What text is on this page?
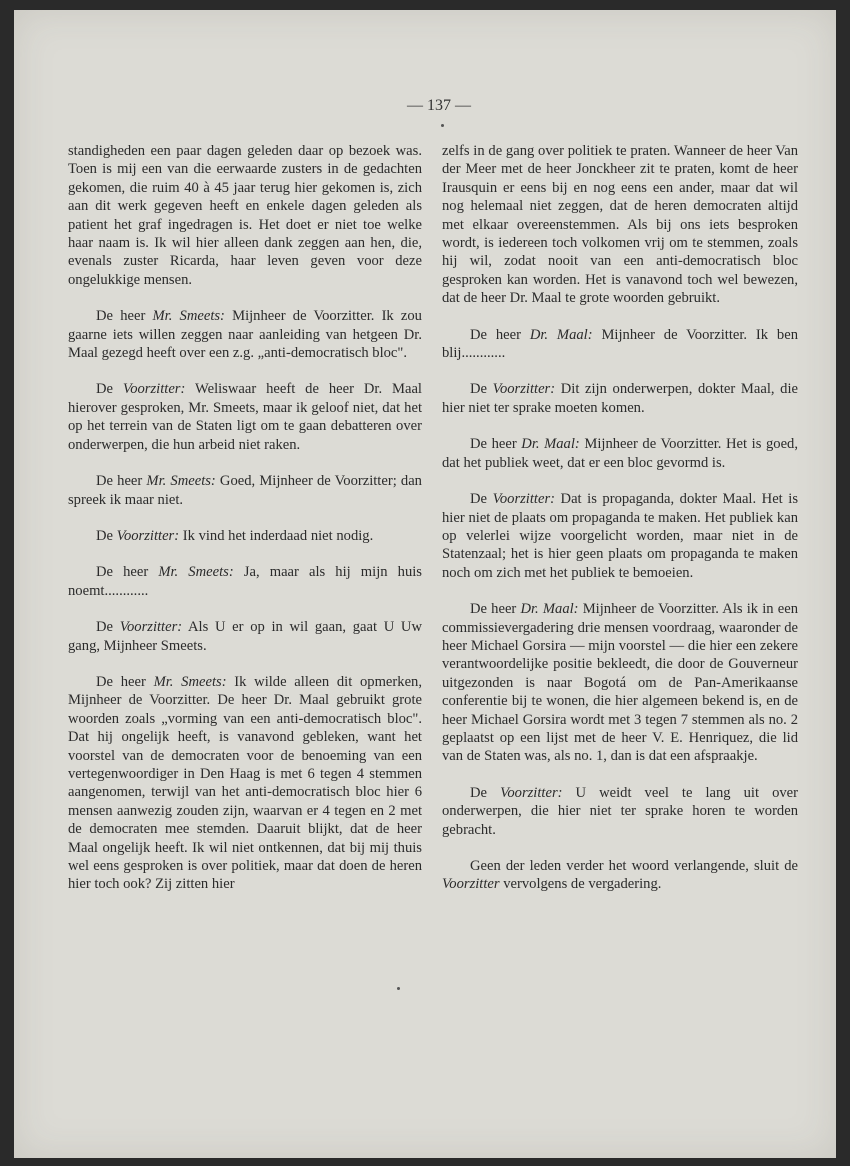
— 137 —

standigheden een paar dagen geleden daar op bezoek was. Toen is mij een van die eerwaarde zusters in de gedachten gekomen, die ruim 40 à 45 jaar terug hier gekomen is, zich aan dit werk gegeven heeft en enkele dagen geleden als patient het graf ingedragen is. Het doet er niet toe welke haar naam is. Ik wil hier alleen dank zeggen aan hen, die, evenals zuster Ricarda, haar leven geven voor deze ongelukkige mensen.

De heer Mr. Smeets: Mijnheer de Voorzitter. Ik zou gaarne iets willen zeggen naar aanleiding van hetgeen Dr. Maal gezegd heeft over een z.g. „anti-democratisch bloc".

De Voorzitter: Weliswaar heeft de heer Dr. Maal hierover gesproken, Mr. Smeets, maar ik geloof niet, dat het op het terrein van de Staten ligt om te gaan debatteren over onderwerpen, die hun arbeid niet raken.

De heer Mr. Smeets: Goed, Mijnheer de Voorzitter; dan spreek ik maar niet.

De Voorzitter: Ik vind het inderdaad niet nodig.

De heer Mr. Smeets: Ja, maar als hij mijn huis noemt............

De Voorzitter: Als U er op in wil gaan, gaat U Uw gang, Mijnheer Smeets.

De heer Mr. Smeets: Ik wilde alleen dit opmerken, Mijnheer de Voorzitter. De heer Dr. Maal gebruikt grote woorden zoals „vorming van een anti-democratisch bloc". Dat hij ongelijk heeft, is vanavond gebleken, want het voorstel van de democraten voor de benoeming van een vertegenwoordiger in Den Haag is met 6 tegen 4 stemmen aangenomen, terwijl van het anti-democratisch bloc hier 6 mensen aanwezig zouden zijn, waarvan er 4 tegen en 2 met de democraten mee stemden. Daaruit blijkt, dat de heer Maal ongelijk heeft. Ik wil niet ontkennen, dat bij mij thuis wel eens gesproken is over politiek, maar dat doen de heren hier toch ook? Zij zitten hier

zelfs in de gang over politiek te praten. Wanneer de heer Van der Meer met de heer Jonckheer zit te praten, komt de heer Irausquin er eens bij en nog eens een ander, maar dat wil nog helemaal niet zeggen, dat de heren democraten altijd met elkaar overeenstemmen. Als bij ons iets besproken wordt, is iedereen toch volkomen vrij om te stemmen, zoals hij wil, zodat nooit van een anti-democratisch bloc gesproken kan worden. Het is vanavond toch wel bewezen, dat de heer Dr. Maal te grote woorden gebruikt.

De heer Dr. Maal: Mijnheer de Voorzitter. Ik ben blij............

De Voorzitter: Dit zijn onderwerpen, dokter Maal, die hier niet ter sprake moeten komen.

De heer Dr. Maal: Mijnheer de Voorzitter. Het is goed, dat het publiek weet, dat er een bloc gevormd is.

De Voorzitter: Dat is propaganda, dokter Maal. Het is hier niet de plaats om propaganda te maken. Het publiek kan op velerlei wijze voorgelicht worden, maar niet in de Statenzaal; het is hier geen plaats om propaganda te maken noch om zich met het publiek te bemoeien.

De heer Dr. Maal: Mijnheer de Voorzitter. Als ik in een commissievergadering drie mensen voordraag, waaronder de heer Michael Gorsira — mijn voorstel — die hier een zekere verantwoordelijke positie bekleedt, die door de Gouverneur uitgezonden is naar Bogotá om de Pan-Amerikaanse conferentie bij te wonen, die hier algemeen bekend is, en de heer Michael Gorsira wordt met 3 tegen 7 stemmen als no. 2 geplaatst op een lijst met de heer V. E. Henriquez, die lid van de Staten was, als no. 1, dan is dat een afspraakje.

De Voorzitter: U weidt veel te lang uit over onderwerpen, die hier niet ter sprake horen te worden gebracht.

Geen der leden verder het woord verlangende, sluit de Voorzitter vervolgens de vergadering.
